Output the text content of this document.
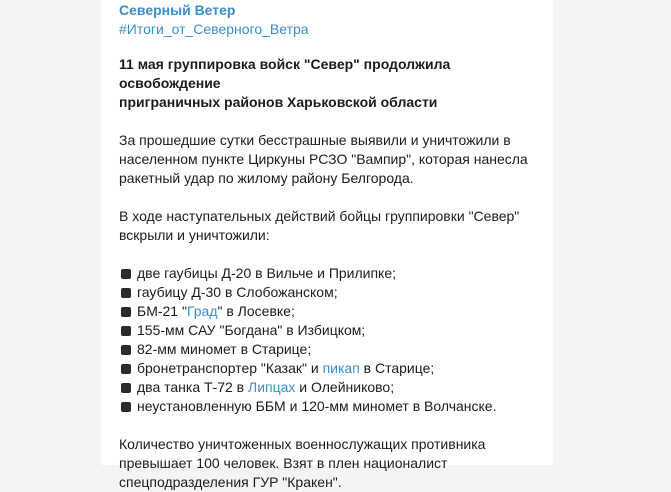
Северный Ветер
#Итоги_от_Северного_Ветра
11 мая группировка войск "Север" продолжила освобождение
приграничных районов Харьковской области
За прошедшие сутки бесстрашные выявили и уничтожили в
населенном пункте Циркуны РСЗО "Вампир", которая нанесла
ракетный удар по жилому району Белгорода.
В ходе наступательных действий бойцы группировки "Север"
вскрыли и уничтожили:
две гаубицы Д-20 в Вильче и Прилипке;
гаубицу Д-30 в Слобожанском;
БМ-21 "Град" в Лосевке;
155-мм САУ "Богдана" в Избицком;
82-мм миномет в Старице;
бронетранспортер "Казак" и пикап в Старице;
два танка Т-72 в Липцах и Олейниково;
неустановленную ББМ и 120-мм миномет в Волчанске.
Количество уничтоженных военнослужащих противника
превышает 100 человек. Взят в плен националист
спецподразделения ГУР "Кракен".
